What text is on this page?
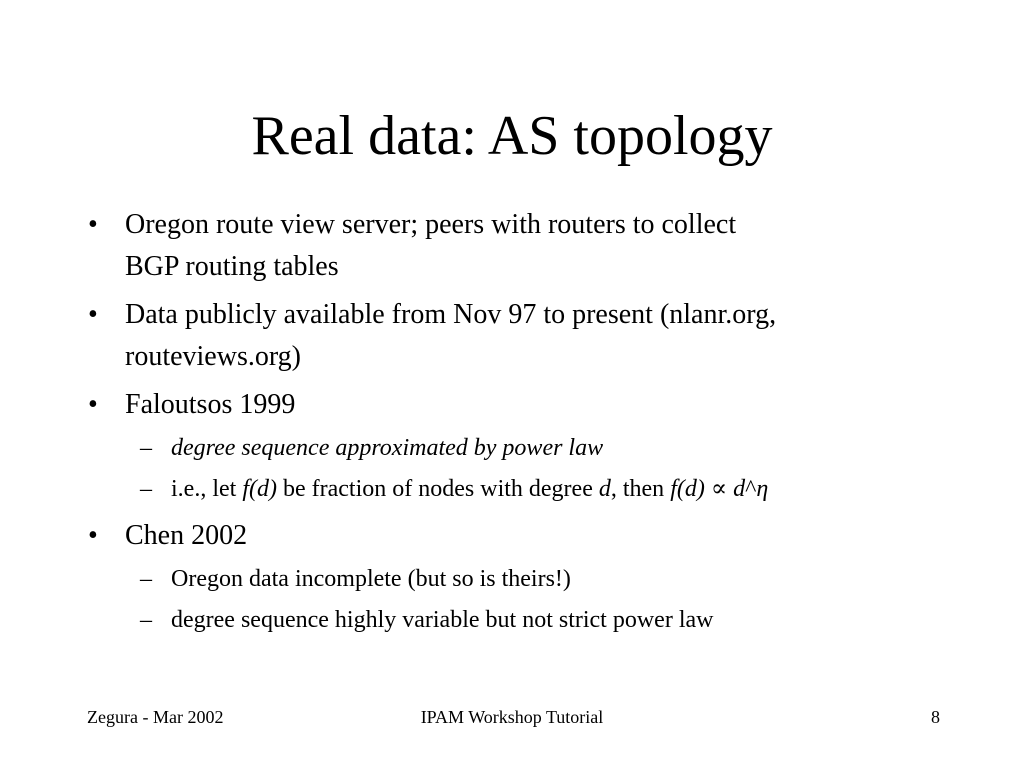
Real data: AS topology
• Oregon route view server; peers with routers to collect
BGP routing tables
• Data publicly available from Nov 97 to present (nlanr.org,
routeviews.org)
• Faloutsos 1999
– degree sequence approximated by power law
– i.e., let f(d) be fraction of nodes with degree d, then f(d) ∝ d^η
• Chen 2002
– Oregon data incomplete (but so is theirs!)
– degree sequence highly variable but not strict power law
Zegura - Mar 2002	IPAM Workshop Tutorial	8
